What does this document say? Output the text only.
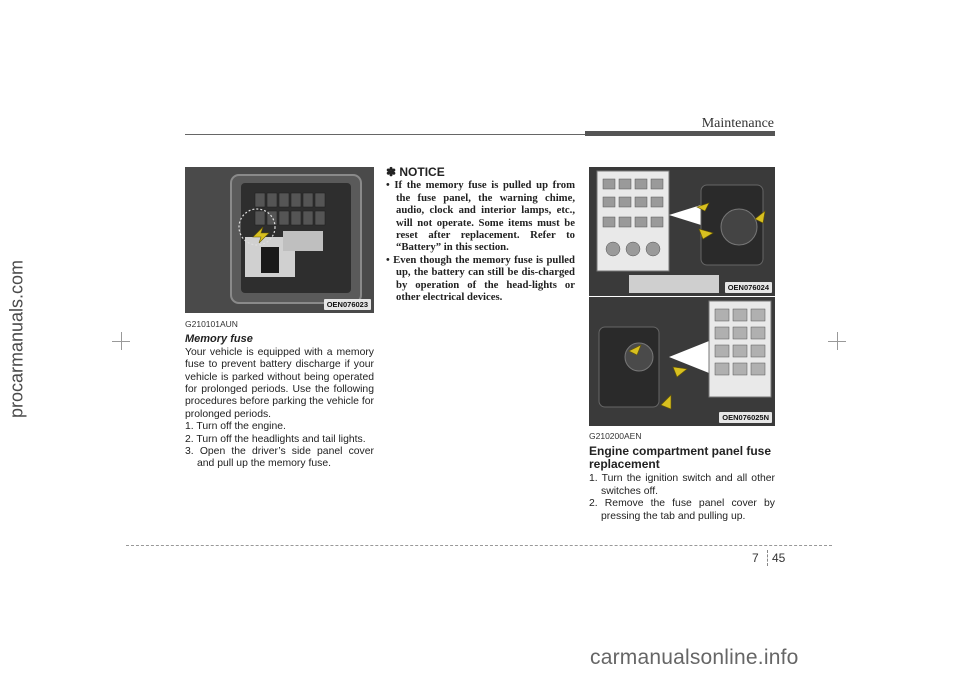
Maintenance
procarmanuals.com	OEN076023
OEN076024
OEN076025N

G210101AUN

Memory fuse

Your vehicle is equipped with a memory fuse to prevent battery discharge if your vehicle is parked without being operated for prolonged periods. Use the following procedures before parking the vehicle for prolonged periods.

1. Turn off the engine.
2. Turn off the headlights and tail lights.
3. Open the driver’s side panel cover and pull up the memory fuse.
✽ NOTICE
• If the memory fuse is pulled up from the fuse panel, the warning chime, audio, clock and interior lamps, etc., will not operate. Some items must be reset after replacement. Refer to “Battery” in this section.
• Even though the memory fuse is pulled up, the battery can still be dis-charged by operation of the head-lights or other electrical devices.

G210200AEN

Engine compartment panel fuse replacement
1. Turn the ignition switch and all other switches off.
2. Remove the fuse panel cover by pressing the tab and pulling up.
7 45
carmanualsonline.info
